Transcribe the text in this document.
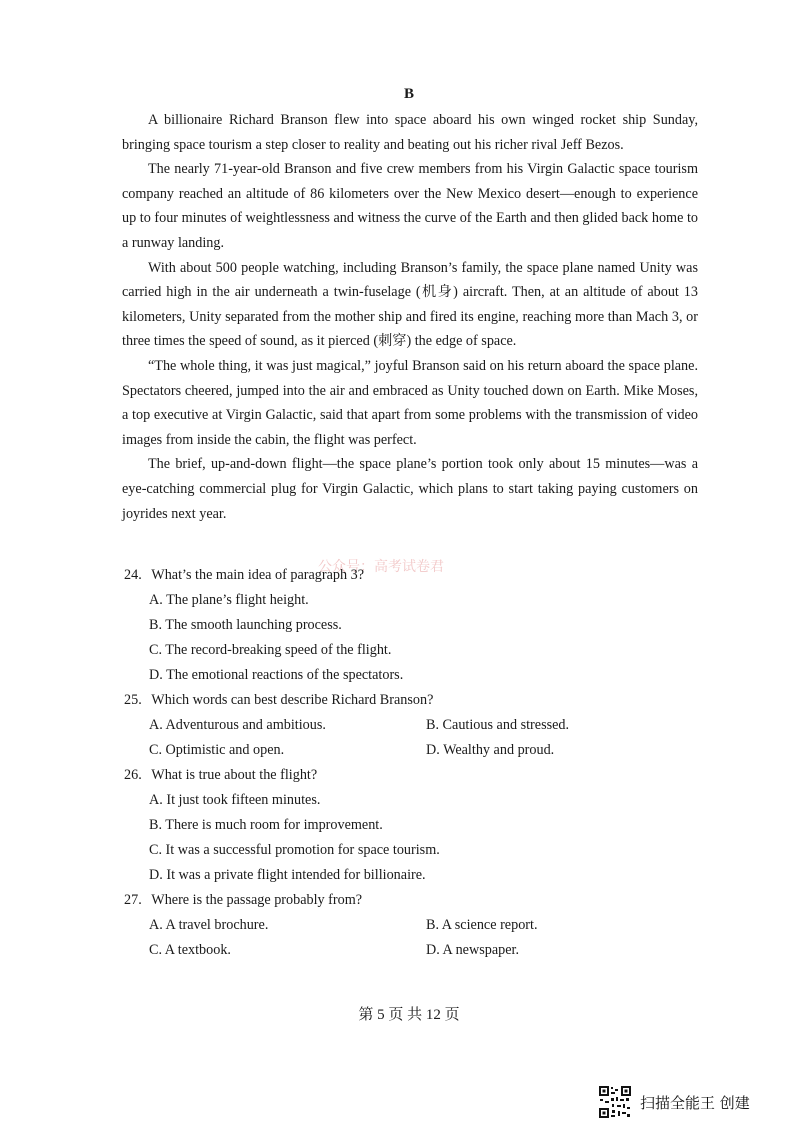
B

A billionaire Richard Branson flew into space aboard his own winged rocket ship Sunday, bringing space tourism a step closer to reality and beating out his richer rival Jeff Bezos.

The nearly 71-year-old Branson and five crew members from his Virgin Galactic space tourism company reached an altitude of 86 kilometers over the New Mexico desert—enough to experience up to four minutes of weightlessness and witness the curve of the Earth and then glided back home to a runway landing.

With about 500 people watching, including Branson’s family, the space plane named Unity was carried high in the air underneath a twin-fuselage (机身) aircraft. Then, at an altitude of about 13 kilometers, Unity separated from the mother ship and fired its engine, reaching more than Mach 3, or three times the speed of sound, as it pierced (刺穿) the edge of space.

“The whole thing, it was just magical,” joyful Branson said on his return aboard the space plane. Spectators cheered, jumped into the air and embraced as Unity touched down on Earth. Mike Moses, a top executive at Virgin Galactic, said that apart from some problems with the transmission of video images from inside the cabin, the flight was perfect.

The brief, up-and-down flight—the space plane’s portion took only about 15 minutes—was a eye-catching commercial plug for Virgin Galactic, which plans to start taking paying customers on joyrides next year.

公众号：高考试卷君
24. What’s the main idea of paragraph 3?
A. The plane’s flight height.
B. The smooth launching process.
C. The record-breaking speed of the flight.
D. The emotional reactions of the spectators.
25. Which words can best describe Richard Branson?
A. Adventurous and ambitious.	B. Cautious and stressed.
C. Optimistic and open.	D. Wealthy and proud.
26. What is true about the flight?
A. It just took fifteen minutes.
B. There is much room for improvement.
C. It was a successful promotion for space tourism.
D. It was a private flight intended for billionaire.
27. Where is the passage probably from?
A. A travel brochure.	B. A science report.
C. A textbook.	D. A newspaper.
第 5 页 共 12 页
扫描全能王 创建
